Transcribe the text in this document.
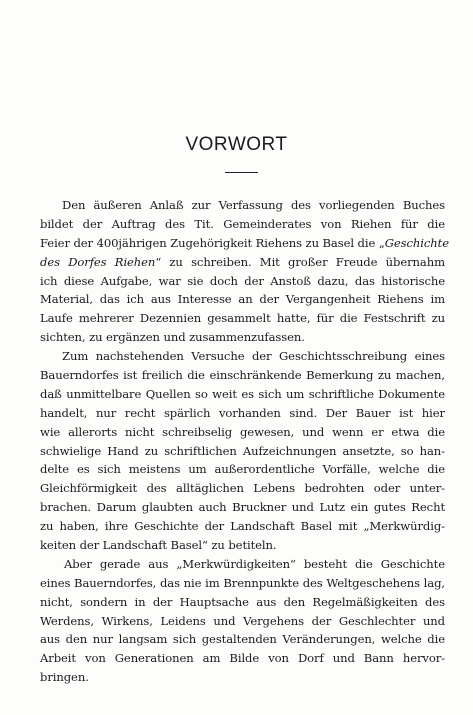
VORWORT
Den äußeren Anlaß zur Verfassung des vorliegenden Buches
bildet der Auftrag des Tit. Gemeinderates von Riehen für die
Feier der 400jährigen Zugehörigkeit Riehens zu Basel die „Geschichte
des Dorfes Riehen“ zu schreiben. Mit großer Freude übernahm
ich diese Aufgabe, war sie doch der Anstoß dazu, das historische
Material, das ich aus Interesse an der Vergangenheit Riehens im
Laufe mehrerer Dezennien gesammelt hatte, für die Festschrift zu
sichten, zu ergänzen und zusammenzufassen.
Zum nachstehenden Versuche der Geschichtsschreibung eines
Bauerndorfes ist freilich die einschränkende Bemerkung zu machen,
daß unmittelbare Quellen so weit es sich um schriftliche Dokumente
handelt, nur recht spärlich vorhanden sind. Der Bauer ist hier
wie allerorts nicht schreibselig gewesen, und wenn er etwa die
schwielige Hand zu schriftlichen Aufzeichnungen ansetzte, so han-
delte es sich meistens um außerordentliche Vorfälle, welche die
Gleichförmigkeit des alltäglichen Lebens bedrohten oder unter-
brachen. Darum glaubten auch Bruckner und Lutz ein gutes Recht
zu haben, ihre Geschichte der Landschaft Basel mit „Merkwürdig-
keiten der Landschaft Basel“ zu betiteln.
Aber gerade aus „Merkwürdigkeiten“ besteht die Geschichte
eines Bauerndorfes, das nie im Brennpunkte des Weltgeschehens lag,
nicht, sondern in der Hauptsache aus den Regelmäßigkeiten des
Werdens, Wirkens, Leidens und Vergehens der Geschlechter und
aus den nur langsam sich gestaltenden Veränderungen, welche die
Arbeit von Generationen am Bilde von Dorf und Bann hervor-
bringen.
